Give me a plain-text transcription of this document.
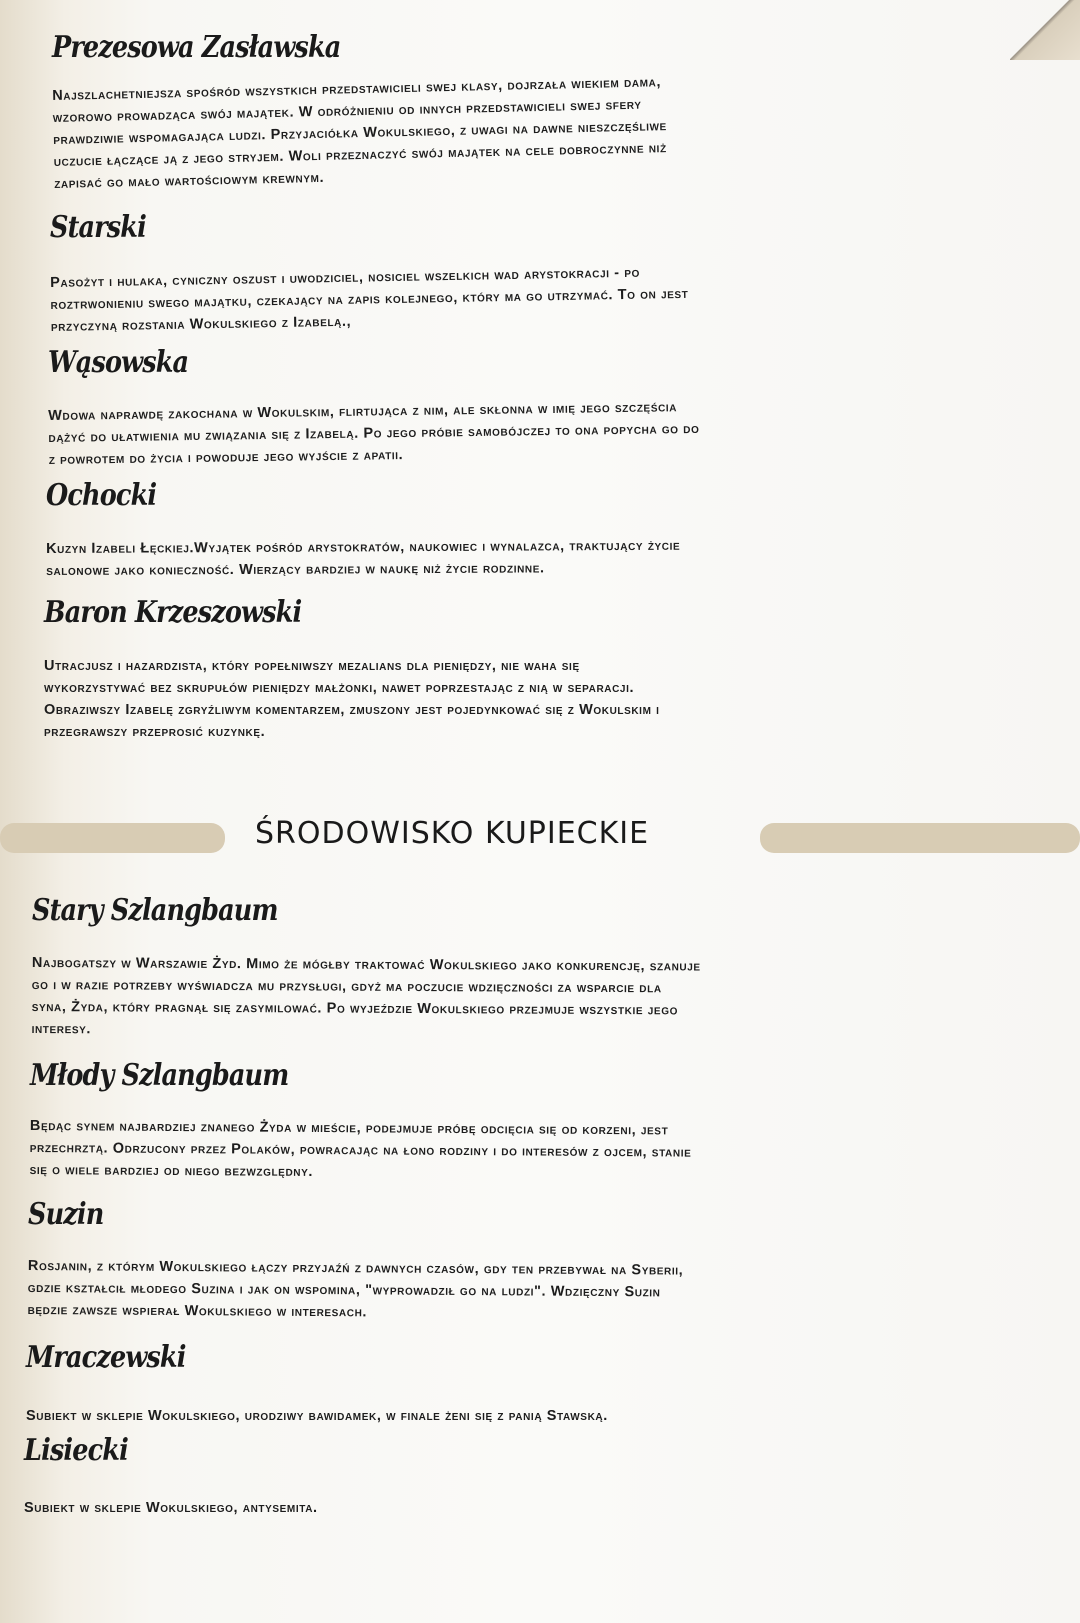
Prezesowa Zasławska
Najszlachetniejsza spośród wszystkich przedstawicieli swej klasy, dojrzała wiekiem dama,
wzorowo prowadząca swój majątek. W odróżnieniu od innych przedstawicieli swej sfery
prawdziwie wspomagająca ludzi. Przyjaciółka Wokulskiego, z uwagi na dawne nieszczęśliwe
uczucie łączące ją z jego stryjem. Woli przeznaczyć swój majątek na cele dobroczynne niż
zapisać go mało wartościowym krewnym.
Starski
Pasożyt i hulaka, cyniczny oszust i uwodziciel, nosiciel wszelkich wad arystokracji - po
roztrwonieniu swego majątku, czekający na zapis kolejnego, który ma go utrzymać. To on jest
przyczyną rozstania Wokulskiego z Izabelą.,
Wąsowska
Wdowa naprawdę zakochana w Wokulskim, flirtująca z nim, ale skłonna w imię jego szczęścia
dążyć do ułatwienia mu związania się z Izabelą. Po jego próbie samobójczej to ona popycha go do
z powrotem do życia i powoduje jego wyjście z apatii.
Ochocki
Kuzyn Izabeli Łęckiej.Wyjątek pośród arystokratów, naukowiec i wynalazca, traktujący życie
salonowe jako konieczność. Wierzący bardziej w naukę niż życie rodzinne.
Baron Krzeszowski
Utracjusz i hazardzista, który popełniwszy mezalians dla pieniędzy, nie waha się
wykorzystywać bez skrupułów pieniędzy małżonki, nawet poprzestając z nią w separacji.
Obraziwszy Izabelę zgryźliwym komentarzem, zmuszony jest pojedynkować się z Wokulskim i
przegrawszy przeprosić kuzynkę.
Stary Szlangbaum
Najbogatszy w Warszawie Żyd. Mimo że mógłby traktować Wokulskiego jako konkurencję, szanuje
go i w razie potrzeby wyświadcza mu przysługi, gdyż ma poczucie wdzięczności za wsparcie dla
syna, Żyda, który pragnął się zasymilować. Po wyjeździe Wokulskiego przejmuje wszystkie jego
interesy.
Młody Szlangbaum
Będąc synem najbardziej znanego Żyda w mieście, podejmuje próbę odcięcia się od korzeni, jest
przechrztą. Odrzucony przez Polaków, powracając na łono rodziny i do interesów z ojcem, stanie
się o wiele bardziej od niego bezwzględny.
Suzin
Rosjanin, z którym Wokulskiego łączy przyjaźń z dawnych czasów, gdy ten przebywał na Syberii,
gdzie kształcił młodego Suzina i jak on wspomina, "wyprowadził go na ludzi". Wdzięczny Suzin
będzie zawsze wspierał Wokulskiego w interesach.
Mraczewski
Subiekt w sklepie Wokulskiego, urodziwy bawidamek, w finale żeni się z panią Stawską.
Lisiecki
Subiekt w sklepie Wokulskiego, antysemita.
ŚRODOWISKO KUPIECKIE
